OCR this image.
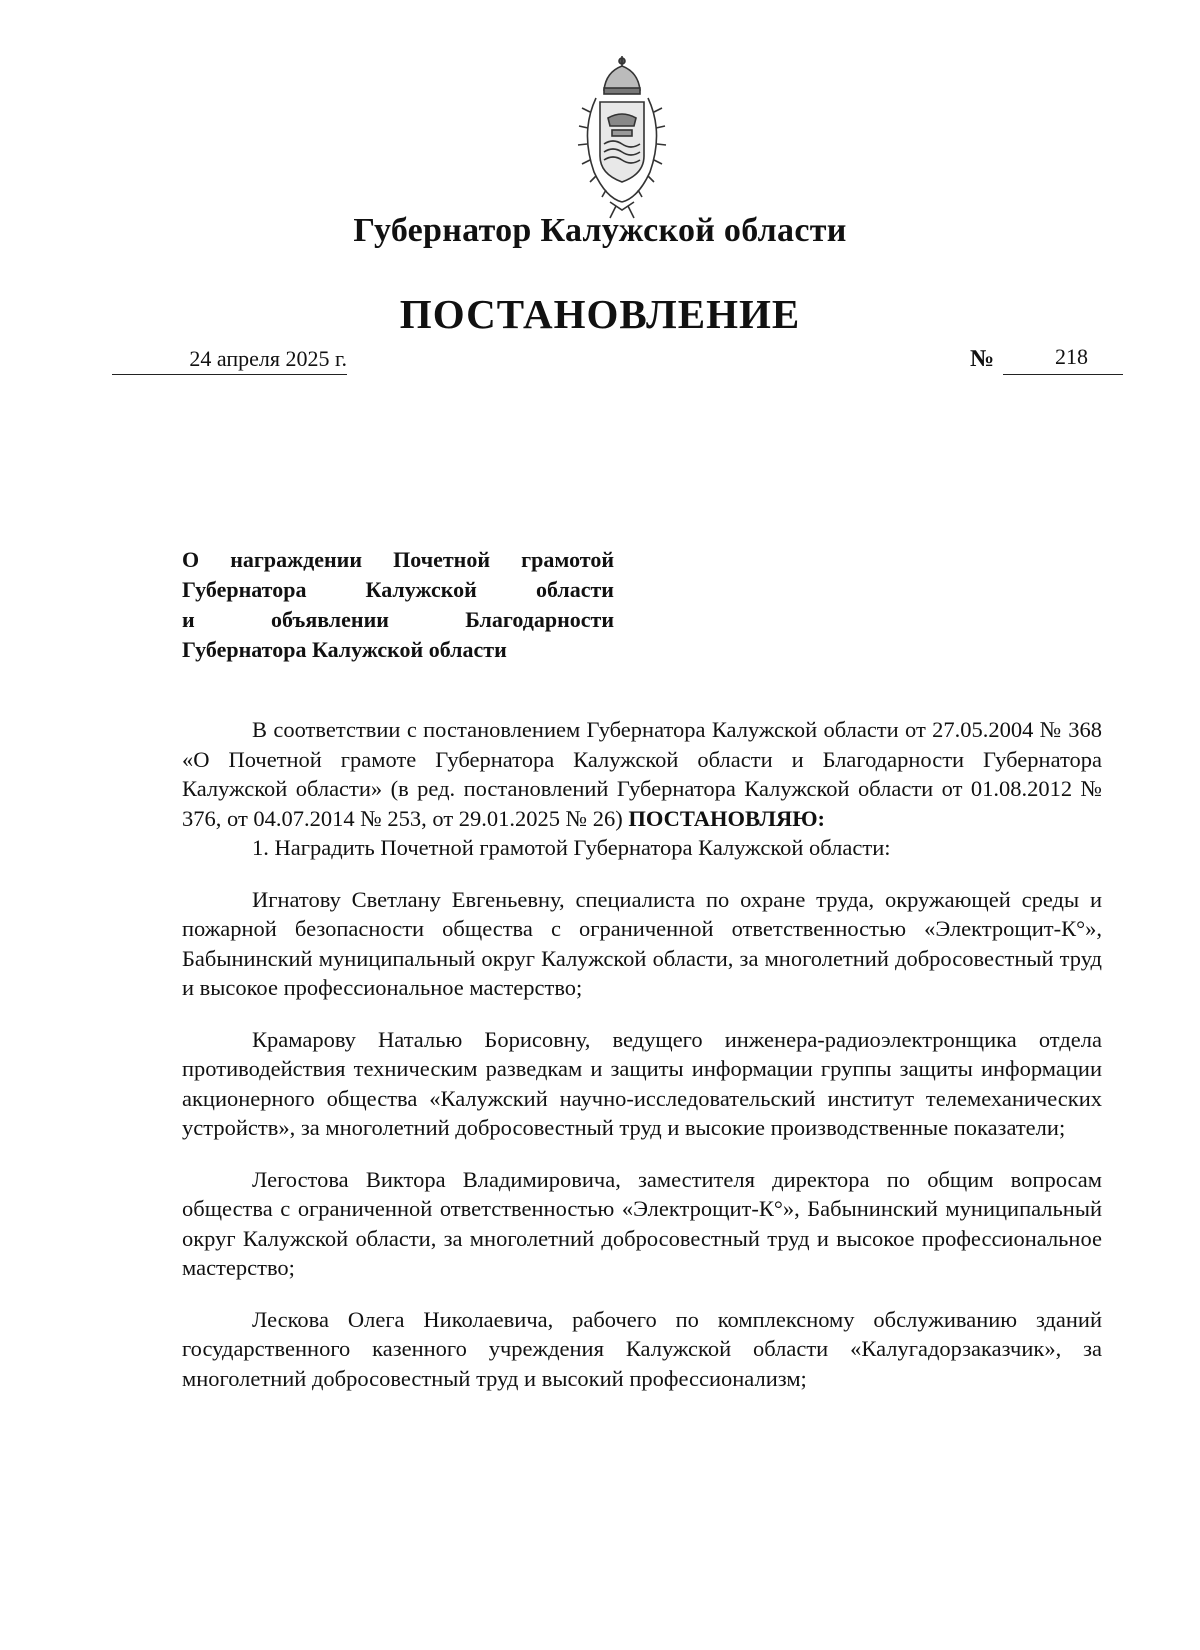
Губернатор Калужской области
ПОСТАНОВЛЕНИЕ
24 апреля 2025 г.	№	218
О награждении Почетной грамотой
Губернатора Калужской области
и объявлении Благодарности
Губернатора Калужской области

В соответствии с постановлением Губернатора Калужской области от 27.05.2004 № 368 «О Почетной грамоте Губернатора Калужской области и Благодарности Губернатора Калужской области» (в ред. постановлений Губернатора Калужской области от 01.08.2012 № 376, от 04.07.2014 № 253, от 29.01.2025 № 26) ПОСТАНОВЛЯЮ:

1. Наградить Почетной грамотой Губернатора Калужской области:

Игнатову Светлану Евгеньевну, специалиста по охране труда, окружающей среды и пожарной безопасности общества с ограниченной ответственностью «Электрощит-К°», Бабынинский муниципальный округ Калужской области, за многолетний добросовестный труд и высокое профессиональное мастерство;

Крамарову Наталью Борисовну, ведущего инженера-радиоэлектронщика отдела противодействия техническим разведкам и защиты информации группы защиты информации акционерного общества «Калужский научно-исследовательский институт телемеханических устройств», за многолетний добросовестный труд и высокие производственные показатели;

Легостова Виктора Владимировича, заместителя директора по общим вопросам общества с ограниченной ответственностью «Электрощит-К°», Бабынинский муниципальный округ Калужской области, за многолетний добросовестный труд и высокое профессиональное мастерство;

Лескова Олега Николаевича, рабочего по комплексному обслуживанию зданий государственного казенного учреждения Калужской области «Калугадорзаказчик», за многолетний добросовестный труд и высокий профессионализм;
